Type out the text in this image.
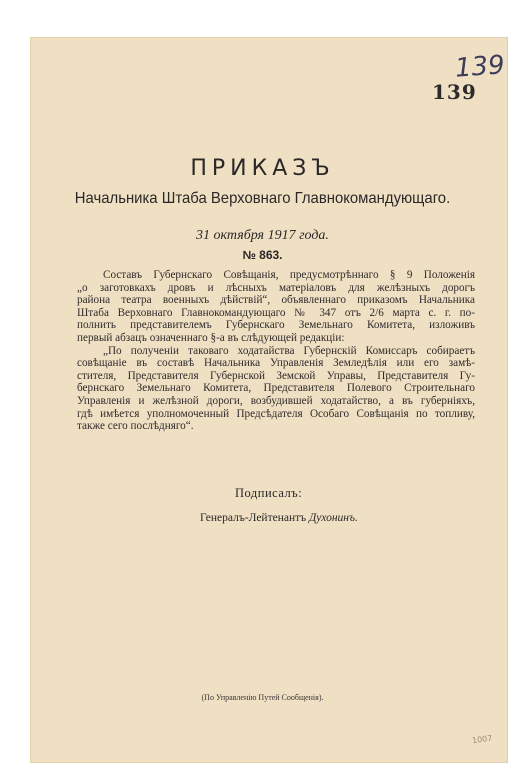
139
139
ПРИКАЗЪ
Начальника Штаба Верховнаго Главнокомандующаго.
31 октября 1917 года.
№ 863.
Составъ Губернскаго Совѣщанія, предусмотрѣннаго § 9 Положенія
„о заготовкахъ дровъ и лѣсныхъ матеріаловъ для желѣзныхъ дорогъ
района театра военныхъ дѣйствій“, объявленнаго приказомъ Начальника
Штаба Верховнаго Главнокомандующаго № 347 отъ 2/6 марта с. г. по-
полнить представителемъ Губернскаго Земельнаго Комитета, изложивъ
первый абзацъ означеннаго §-а въ слѣдующей редакціи:
„По полученіи таковаго ходатайства Губернскій Комиссаръ собираетъ
совѣщаніе въ составѣ Начальника Управленія Земледѣлія или его замѣ-
стителя, Представителя Губернской Земской Управы, Представителя Гу-
бернскаго Земельнаго Комитета, Представителя Полевого Строительнаго
Управленія и желѣзной дороги, возбудившей ходатайство, а въ губерніяхъ,
гдѣ имѣется уполномоченный Предсѣдателя Особаго Совѣщанія по топливу,
также сего послѣдняго“.
Подписалъ:
Генералъ-Лейтенантъ Духонинъ.
(По Управленію Путей Сообщенія).
1007
